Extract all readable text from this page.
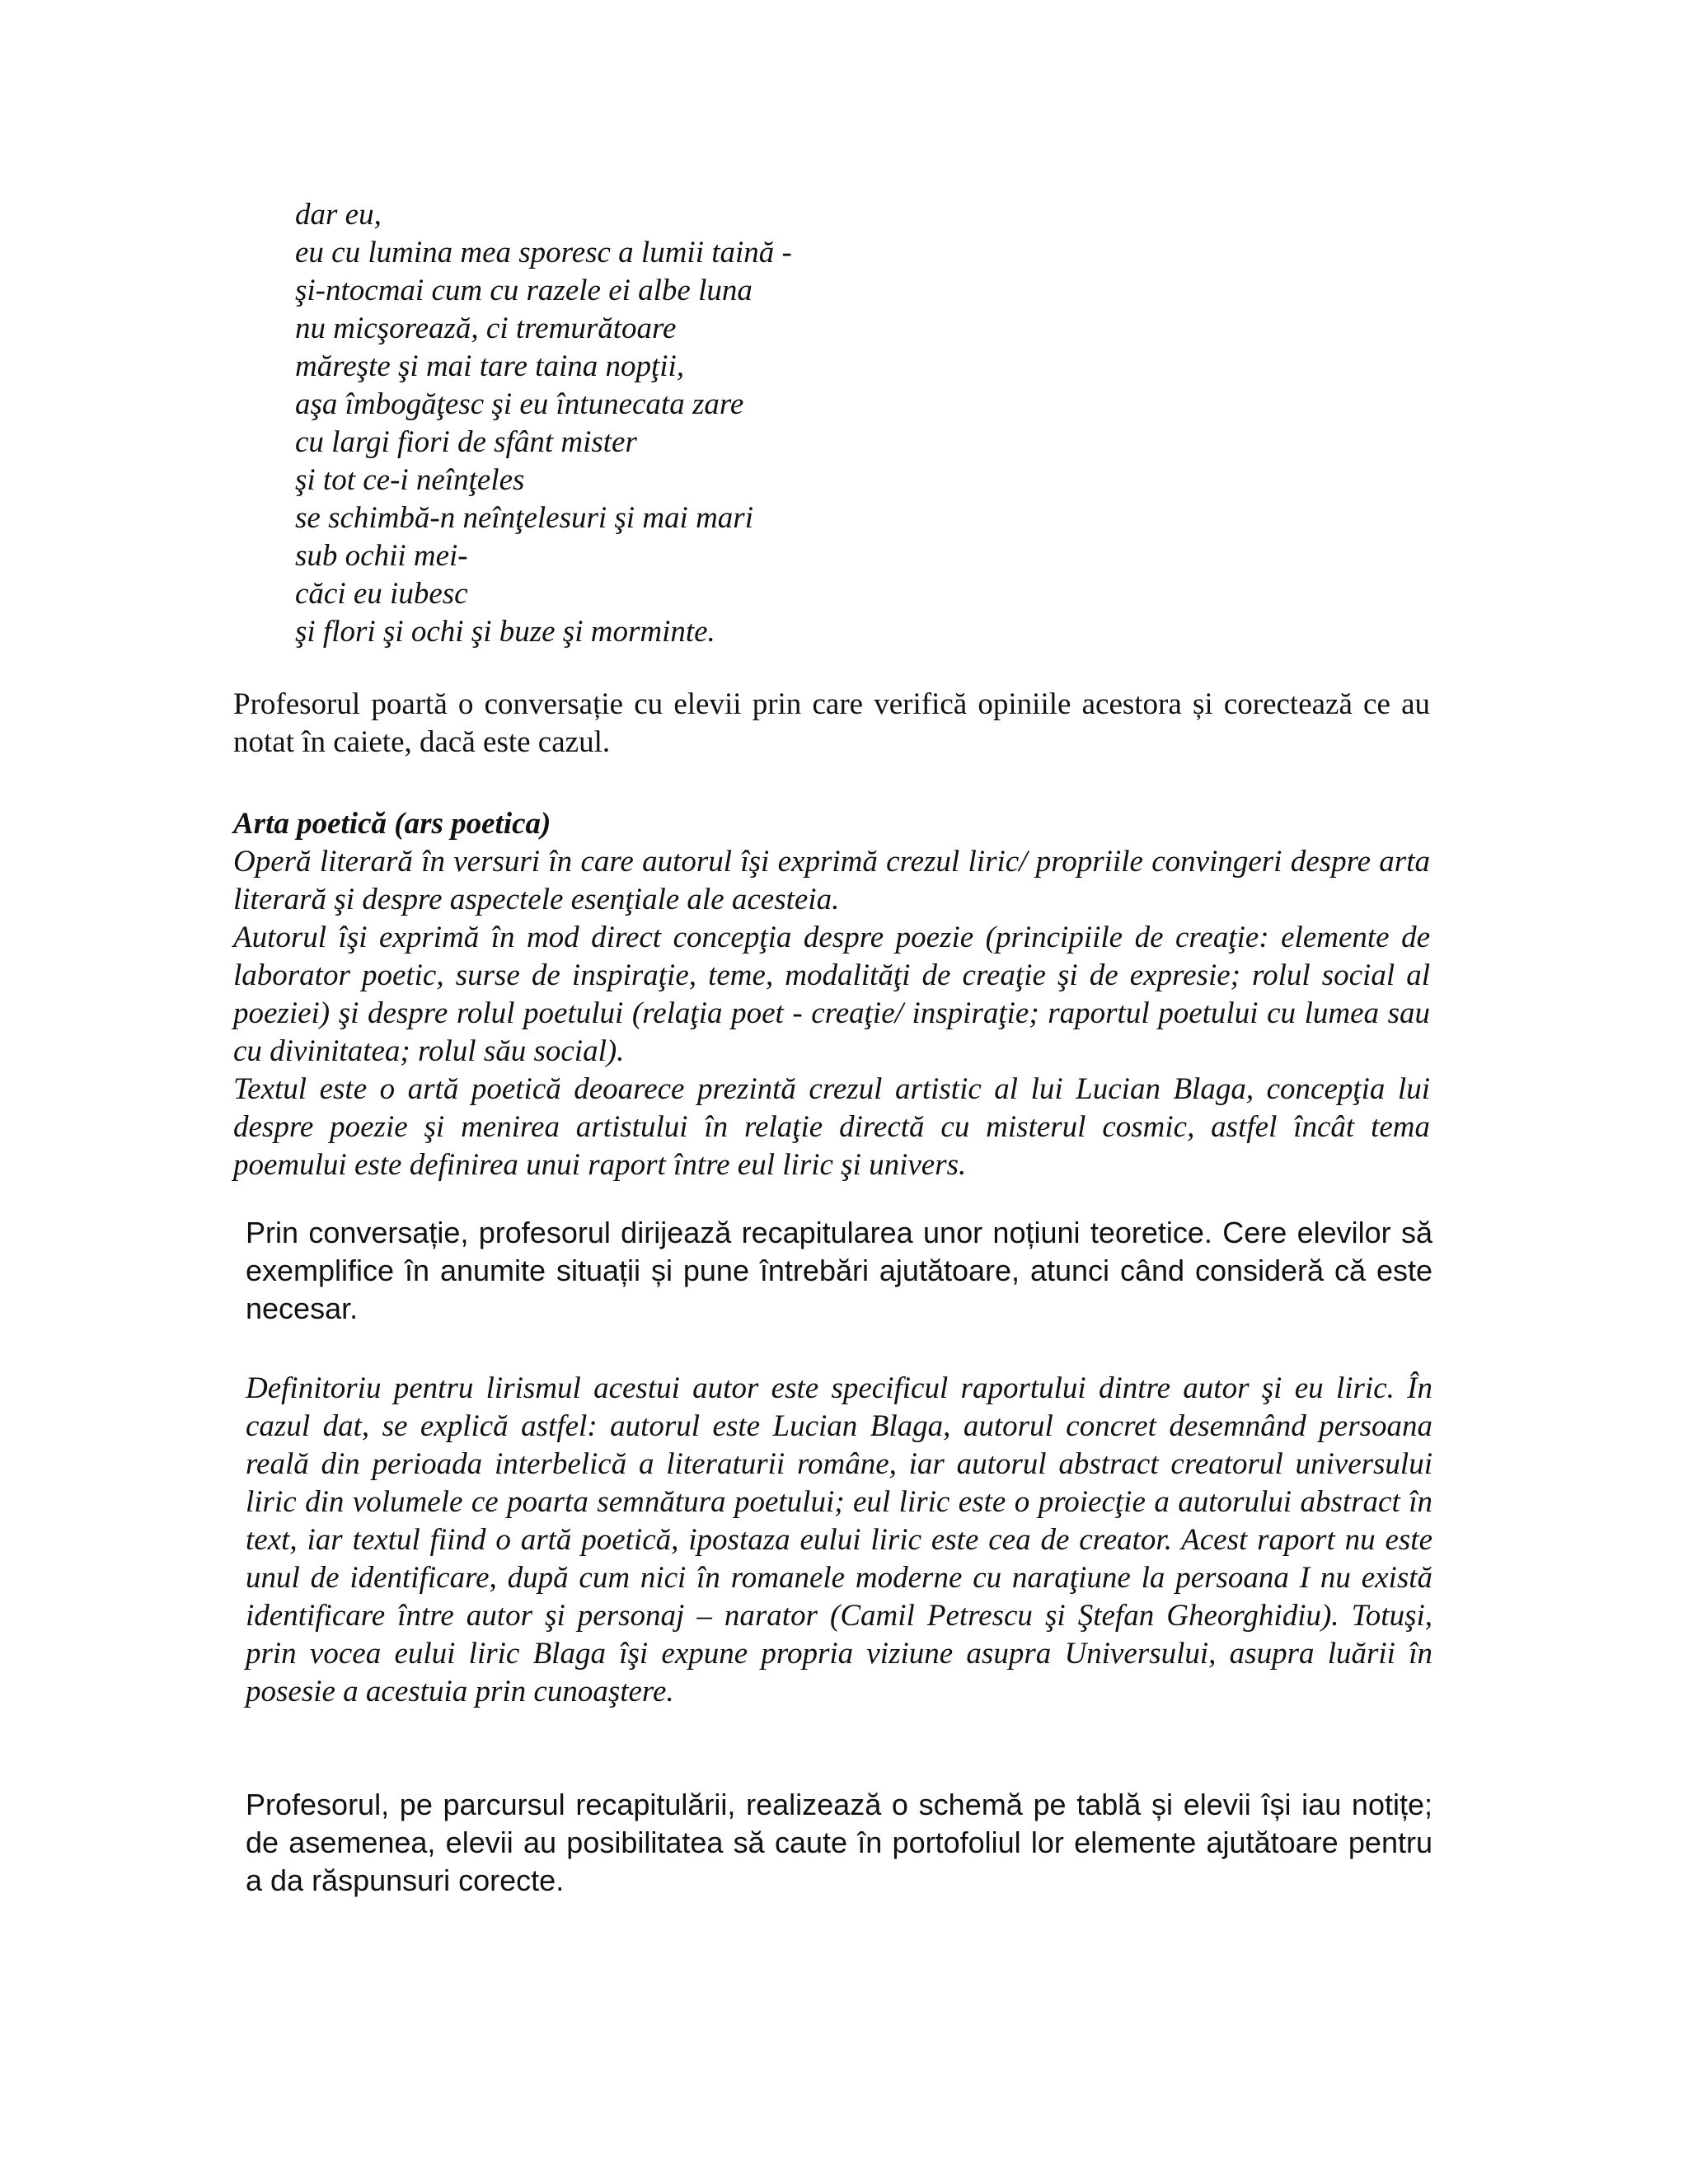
dar eu,
eu cu lumina mea sporesc a lumii taină -
şi-ntocmai cum cu razele ei albe luna
nu micşorează, ci tremurătoare
măreşte şi mai tare taina nopţii,
aşa îmbogăţesc şi eu întunecata zare
cu largi fiori de sfânt mister
şi tot ce-i neînţeles
se schimbă-n neînţelesuri şi mai mari
sub ochii mei-
căci eu iubesc
şi flori şi ochi şi buze şi morminte.
Profesorul poartă o conversație cu elevii prin care verifică opiniile acestora și corectează ce au notat în caiete, dacă este cazul.
Arta poetică (ars poetica)
Operă literară în versuri în care autorul îşi exprimă crezul liric/ propriile convingeri despre arta literară şi despre aspectele esenţiale ale acesteia.
Autorul îşi exprimă în mod direct concepţia despre poezie (principiile de creaţie: elemente de laborator poetic, surse de inspiraţie, teme, modalităţi de creaţie şi de expresie; rolul social al poeziei) şi despre rolul poetului (relaţia poet - creaţie/ inspiraţie; raportul poetului cu lumea sau cu divinitatea; rolul său social).
Textul este o artă poetică deoarece prezintă crezul artistic al lui Lucian Blaga, concepţia lui despre poezie şi menirea artistului în relaţie directă cu misterul cosmic, astfel încât tema poemului este definirea unui raport între eul liric şi univers.
Prin conversație, profesorul dirijează recapitularea unor noțiuni teoretice. Cere elevilor să exemplifice în anumite situații și pune întrebări ajutătoare, atunci când consideră că este necesar.
Definitoriu pentru lirismul acestui autor este specificul raportului dintre autor şi eu liric. În cazul dat, se explică astfel: autorul este Lucian Blaga, autorul concret desemnând persoana reală din perioada interbelică a literaturii române, iar autorul abstract creatorul universului liric din volumele ce poarta semnătura poetului; eul liric este o proiecţie a autorului abstract în text, iar textul fiind o artă poetică, ipostaza eului liric este cea de creator. Acest raport nu este unul de identificare, după cum nici în romanele moderne cu naraţiune la persoana I nu există identificare între autor şi personaj – narator (Camil Petrescu şi Ştefan Gheorghidiu). Totuşi, prin vocea eului liric Blaga îşi expune propria viziune asupra Universului, asupra luării în posesie a acestuia prin cunoaştere.
Profesorul, pe parcursul recapitulării, realizează o schemă pe tablă și elevii își iau notițe; de asemenea, elevii au posibilitatea să caute în portofoliul lor elemente ajutătoare pentru a da răspunsuri corecte.
